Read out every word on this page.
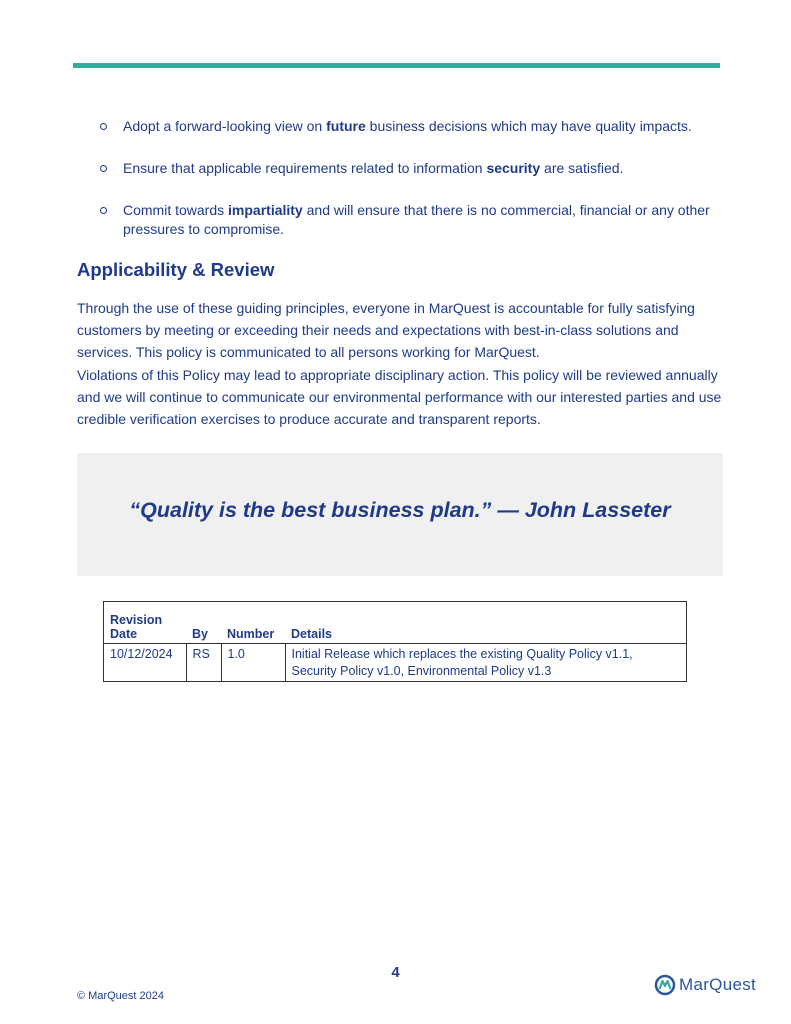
Adopt a forward-looking view on future business decisions which may have quality impacts.
Ensure that applicable requirements related to information security are satisfied.
Commit towards impartiality and will ensure that there is no commercial, financial or any other pressures to compromise.
Applicability & Review

Through the use of these guiding principles, everyone in MarQuest is accountable for fully satisfying customers by meeting or exceeding their needs and expectations with best-in-class solutions and services. This policy is communicated to all persons working for MarQuest.

Violations of this Policy may lead to appropriate disciplinary action. This policy will be reviewed annually and we will continue to communicate our environmental performance with our interested parties and use credible verification exercises to produce accurate and transparent reports.

“Quality is the best business plan.” — John Lasseter
Revision
Date	By	Number	Details
10/12/2024	RS	1.0	Initial Release which replaces the existing Quality Policy v1.1,
Security Policy v1.0, Environmental Policy v1.3
4
© MarQuest 2024
MarQuest
